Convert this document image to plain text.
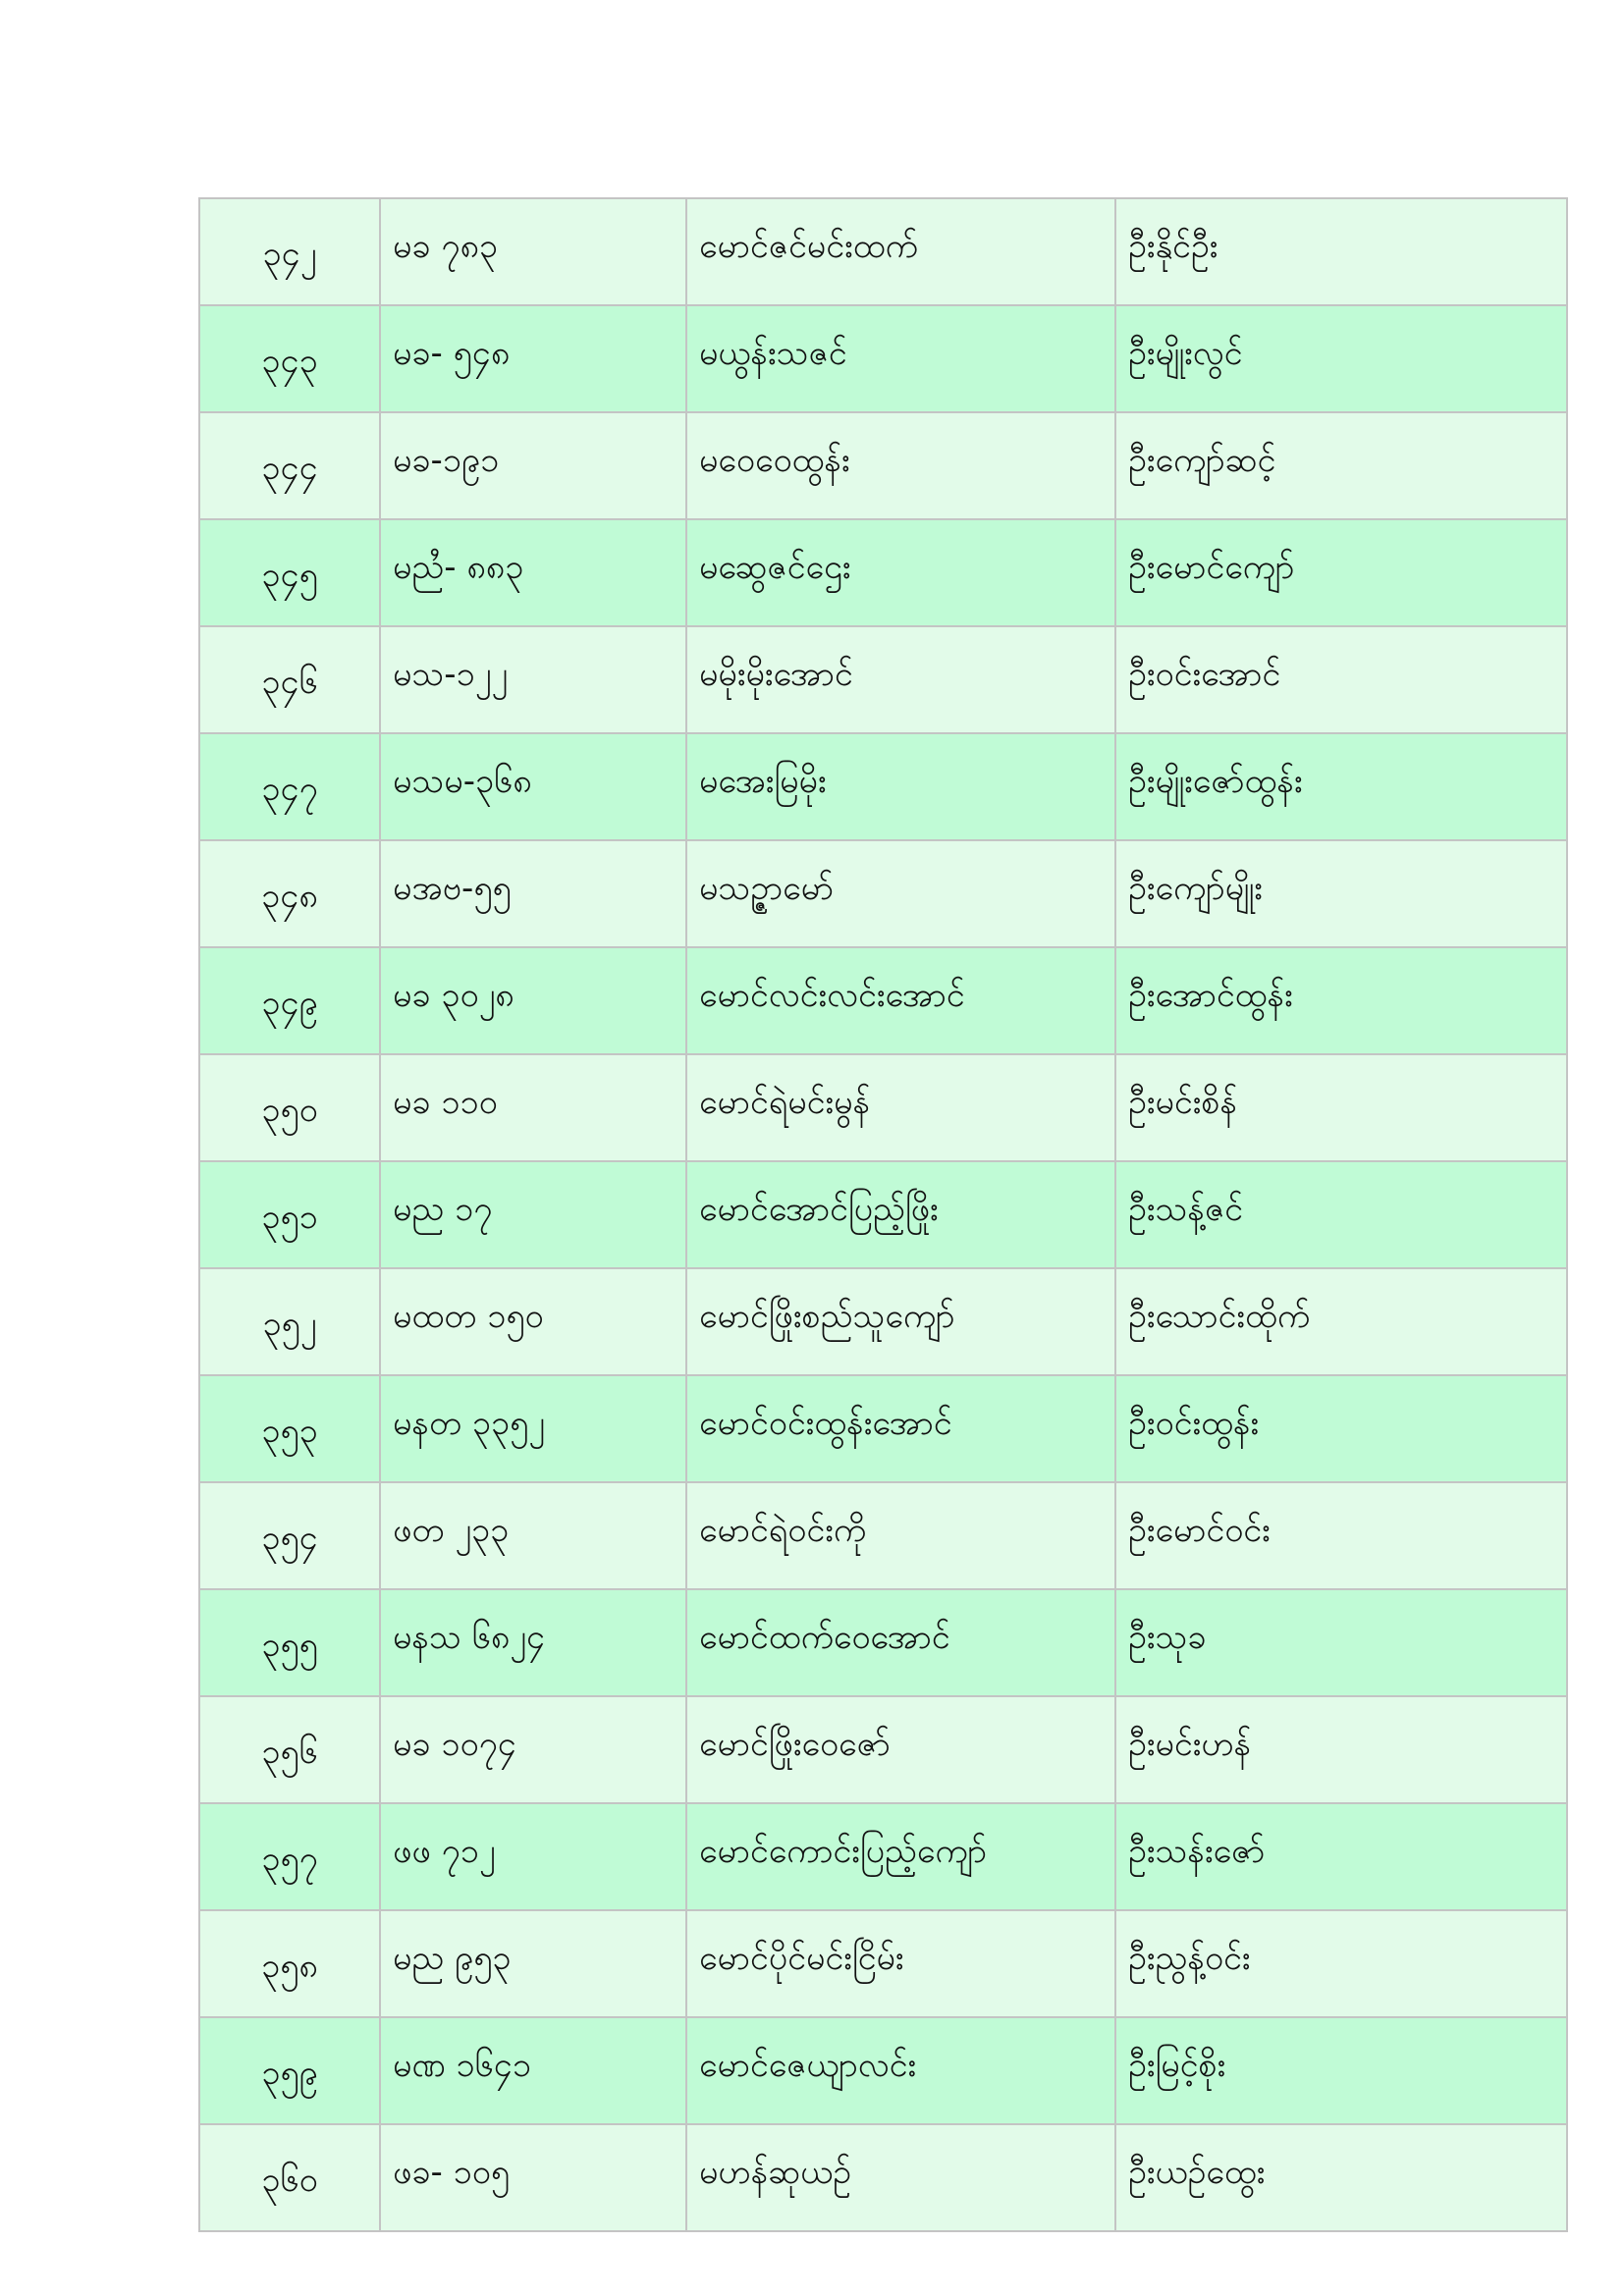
၃၄၂	မခ ၇၈၃	မောင်ဇင်မင်းထက်	ဦးနိုင်ဦး
၃၄၃	မခ- ၅၄၈	မယွန်းသဇင်	ဦးမျိုးလွင်
၃၄၄	မခ-၁၉၁	မဝေဝေထွန်း	ဦးကျော်ဆင့်
၃၄၅	မညႆ- ၈၈၃	မဆွေဇင်ဌေး	ဦးမောင်ကျော်
၃၄၆	မသ-၁၂၂	မမိုးမိုးအောင်	ဦးဝင်းအောင်
၃၄၇	မသမ-၃၆၈	မအေးမြမိုး	ဦးမျိုးဇော်ထွန်း
၃၄၈	မအဗ-၅၅	မသဉ္ဇာမော်	ဦးကျော်မျိုး
၃၄၉	မခ ၃၀၂၈	မောင်လင်းလင်းအောင်	ဦးအောင်ထွန်း
၃၅၀	မခ ၁၁၀	မောင်ရဲမင်းမွန်	ဦးမင်းစိန်
၃၅၁	မည ၁၇	မောင်အောင်ပြည့်ဖြိုး	ဦးသန့်ဇင်
၃၅၂	မထတ ၁၅၀	မောင်ဖြိုးစည်သူကျော်	ဦးသောင်းထိုက်
၃၅၃	မနတ ၃၃၅၂	မောင်ဝင်းထွန်းအောင်	ဦးဝင်းထွန်း
၃၅၄	ဖတ ၂၃၃	မောင်ရဲဝင်းကို	ဦးမောင်ဝင်း
၃၅၅	မနသ ၆၈၂၄	မောင်ထက်ဝေအောင်	ဦးသုခ
၃၅၆	မခ ၁၀၇၄	မောင်ဖြိုးဝေဇော်	ဦးမင်းဟန်
၃၅၇	ဖဖ ၇၁၂	မောင်ကောင်းပြည့်ကျော်	ဦးသန်းဇော်
၃၅၈	မည ၉၅၃	မောင်ပိုင်မင်းငြိမ်း	ဦးညွန့်ဝင်း
၃၅၉	မဏ ၁၆၄၁	မောင်ဇေယျာလင်း	ဦးမြင့်စိုး
၃၆၀	ဖခ- ၁၀၅	မဟန်ဆုယဉ်	ဦးယဉ်ထွေး
